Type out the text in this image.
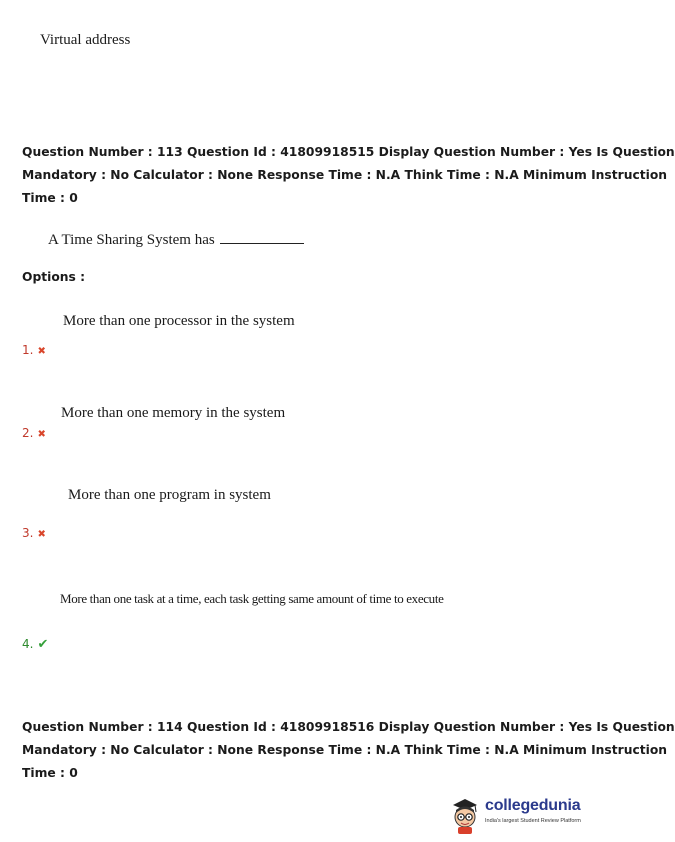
Virtual address
Question Number : 113 Question Id : 41809918515 Display Question Number : Yes Is Question
Mandatory : No Calculator : None Response Time : N.A Think Time : N.A Minimum Instruction
Time : 0
A Time Sharing System has
Options :
More than one processor in the system
1. ✖
More than one memory in the system
2. ✖
More than one program in system
3. ✖
More than one task at a time, each task getting same amount of time to execute
4. ✔
Question Number : 114 Question Id : 41809918516 Display Question Number : Yes Is Question
Mandatory : No Calculator : None Response Time : N.A Think Time : N.A Minimum Instruction
Time : 0
collegedunia
India's largest Student Review Platform
